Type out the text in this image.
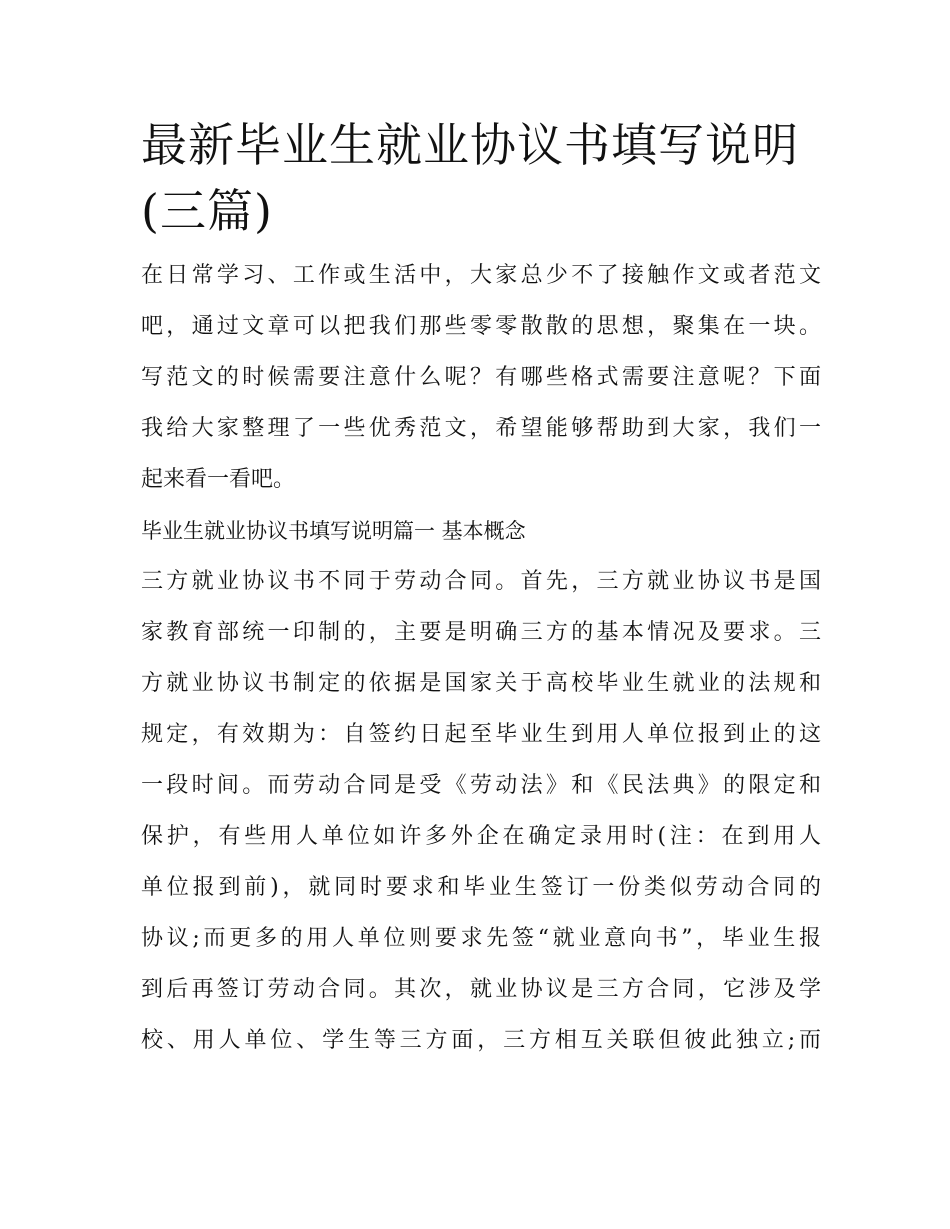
最新毕业生就业协议书填写说明(三篇)
在日常学习、工作或生活中，大家总少不了接触作文或者范文
吧，通过文章可以把我们那些零零散散的思想，聚集在一块。
写范文的时候需要注意什么呢？有哪些格式需要注意呢？下面
我给大家整理了一些优秀范文，希望能够帮助到大家，我们一
起来看一看吧。
毕业生就业协议书填写说明篇一 基本概念
三方就业协议书不同于劳动合同。首先，三方就业协议书是国
家教育部统一印制的，主要是明确三方的基本情况及要求。三
方就业协议书制定的依据是国家关于高校毕业生就业的法规和
规定，有效期为：自签约日起至毕业生到用人单位报到止的这
一段时间。而劳动合同是受《劳动法》和《民法典》的限定和
保护，有些用人单位如许多外企在确定录用时(注：在到用人
单位报到前)，就同时要求和毕业生签订一份类似劳动合同的
协议;而更多的用人单位则要求先签“就业意向书”，毕业生报
到后再签订劳动合同。其次，就业协议是三方合同，它涉及学
校、用人单位、学生等三方面，三方相互关联但彼此独立;而
